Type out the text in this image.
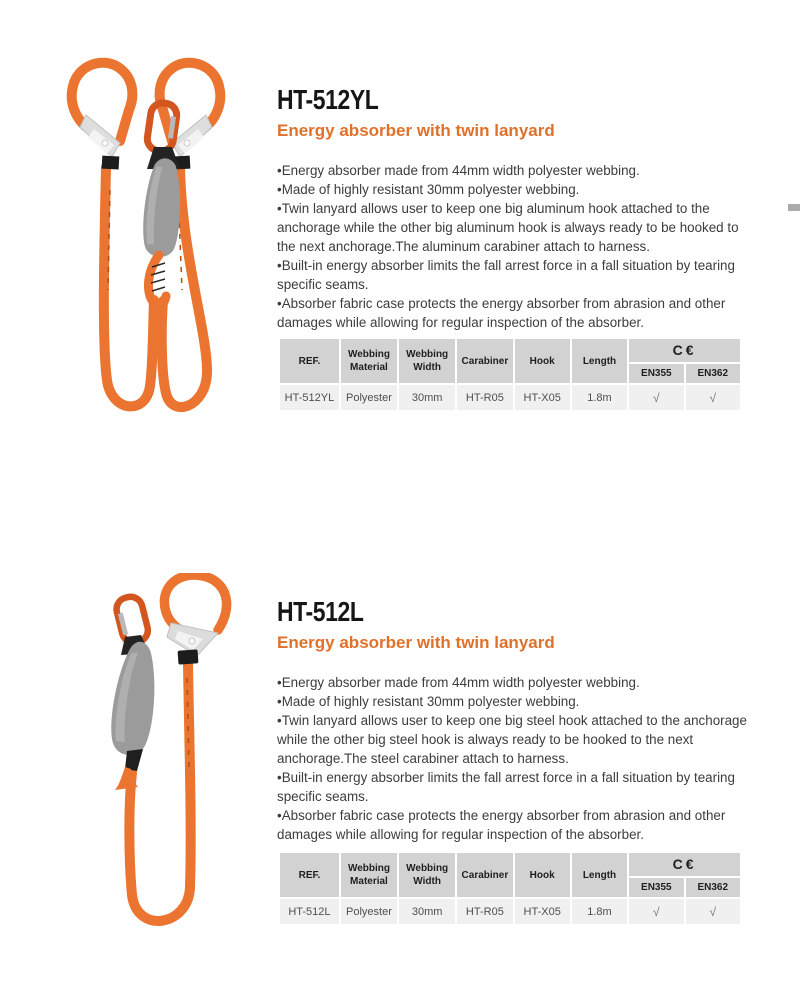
HT-512YL
Energy absorber with twin lanyard

•Energy absorber made from 44mm width polyester webbing.

•Made of highly resistant 30mm polyester webbing.

•Twin lanyard allows user to keep one big aluminum hook attached to the anchorage while the other big aluminum hook is always ready to be hooked to the next anchorage.The aluminum carabiner attach to harness.

•Built-in energy absorber limits the fall arrest force in a fall situation by tearing specific seams.

•Absorber fabric case protects the energy absorber from abrasion and other damages while allowing for regular inspection of the absorber.

REF.	Webbing Material	Webbing Width	Carabiner	Hook	Length	C€	
						EN355	EN362
HT-512YL	Polyester	30mm	HT-R05	HT-X05	1.8m	√	√
HT-512L
Energy absorber with twin lanyard

•Energy absorber made from 44mm width polyester webbing.

•Made of highly resistant 30mm polyester webbing.

•Twin lanyard allows user to keep one big steel hook attached to the anchorage while the other big steel hook is always ready to be hooked to the next anchorage.The steel carabiner attach to harness.

•Built-in energy absorber limits the fall arrest force in a fall situation by tearing specific seams.

•Absorber fabric case protects the energy absorber from abrasion and other damages while allowing for regular inspection of the absorber.

REF.	Webbing Material	Webbing Width	Carabiner	Hook	Length	C€	
						EN355	EN362
HT-512L	Polyester	30mm	HT-R05	HT-X05	1.8m	√	√
